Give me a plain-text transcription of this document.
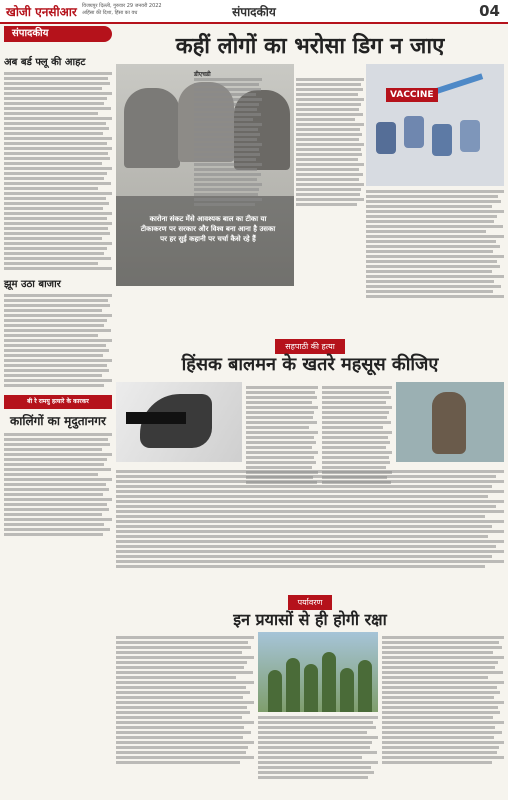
खोजी एनसीआर विजयपुर दिल्ली, गुरुवार 29 जनवरी 2022
अहिंसा की दिशा, हिंसा का वध	संपादकीय	04
संपादकीय
अब बर्ड फ्लू की आहट
झूम उठा बाजार
बी रे रामयु हत्यारे के कारकर
कालिंगों का मृदुतानगर
कहीं लोगों का भरोसा डिग न जाए
कारोना संकट मेंसे आवश्यक बाल का टीका या टीकाकरण पर सरकार और विश्व बना आना है उसका पर हर सुई कहानी पर चर्चा कैसे रहे हैं
डीएचडी
VACCINE
सहपाठी की हत्या
हिंसक बालमन के खतरे महसूस कीजिए
पर्यावरण
इन प्रयासों से ही होगी रक्षा
